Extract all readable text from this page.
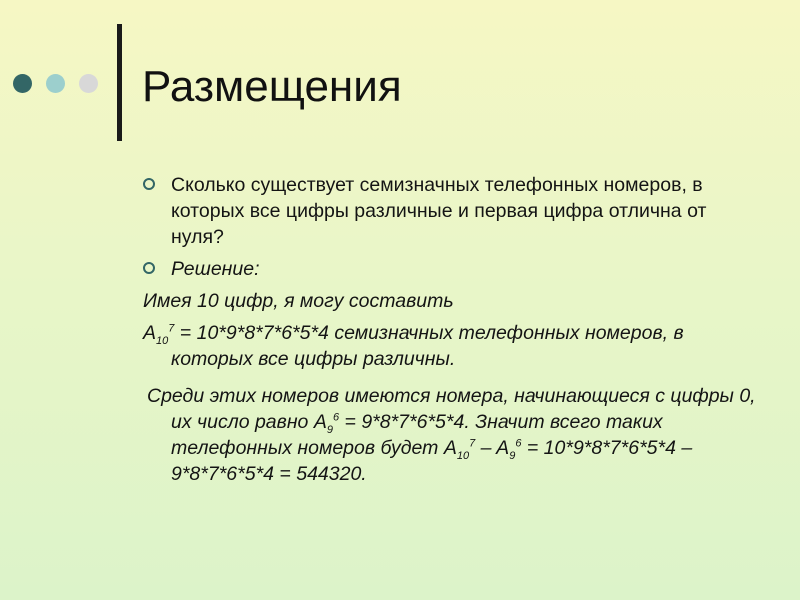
Размещения
Сколько существует семизначных телефонных номеров, в которых все цифры различные и первая цифра отлична от нуля?
Решение:
Имея 10 цифр, я могу составить
$A_{10}^7 = 10*9*8*7*6*5*4$ семизначных телефонных номеров, в которых все цифры различны.
Среди этих номеров имеются номера, начинающиеся с цифры 0, их число равно $A_9^6 = 9*8*7*6*5*4$. Значит всего таких телефонных номеров будет $A_{10}^7 - A_9^6 = 10*9*8*7*6*5*4 - 9*8*7*6*5*4 = 544320$.
